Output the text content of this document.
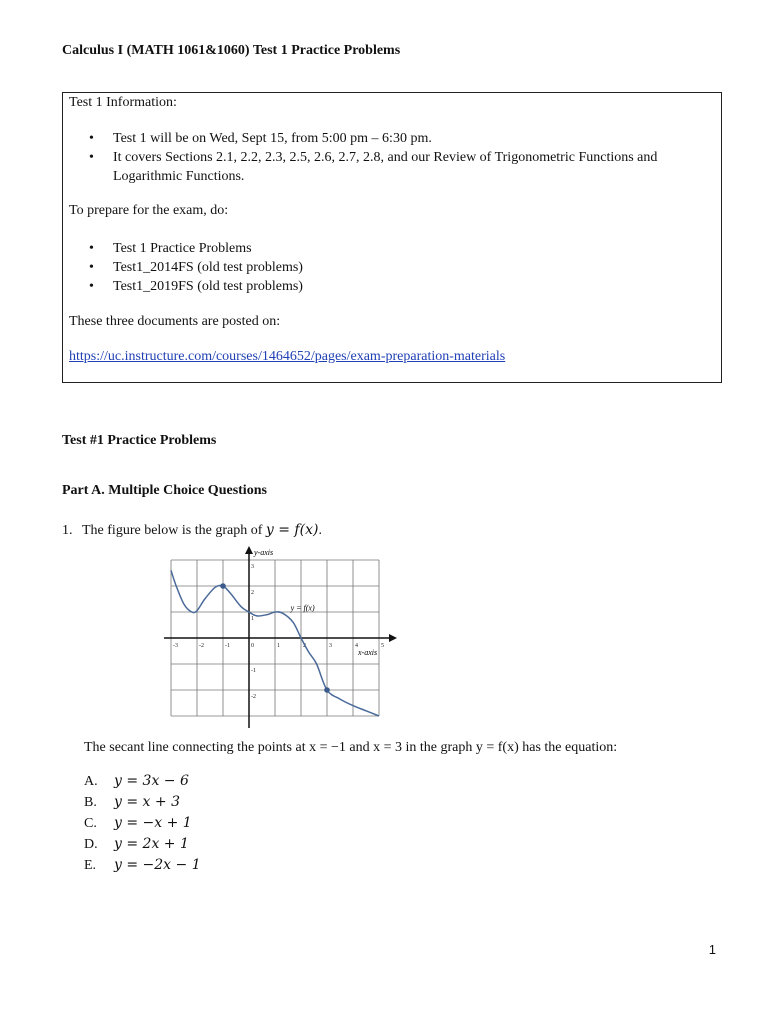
Calculus I (MATH 1061&1060) Test 1 Practice Problems
Test 1 Information:
• Test 1 will be on Wed, Sept 15, from 5:00 pm – 6:30 pm.
• It covers Sections 2.1, 2.2, 2.3, 2.5, 2.6, 2.7, 2.8, and our Review of Trigonometric Functions and Logarithmic Functions.
To prepare for the exam, do:
• Test 1 Practice Problems
• Test1_2014FS (old test problems)
• Test1_2019FS (old test problems)
These three documents are posted on:
https://uc.instructure.com/courses/1464652/pages/exam-preparation-materials
Test #1 Practice Problems
Part A. Multiple Choice Questions
1. The figure below is the graph of y = f(x).
-3	-2	-1	0	1	2	3	4	5
3
2
1
-1
-2
x-axis
y-axis
y = f(x)
The secant line connecting the points at x = −1 and x = 3 in the graph y = f(x) has the equation:
A. y = 3x − 6
B. y = x + 3
C. y = −x + 1
D. y = 2x + 1
E. y = −2x − 1
1
